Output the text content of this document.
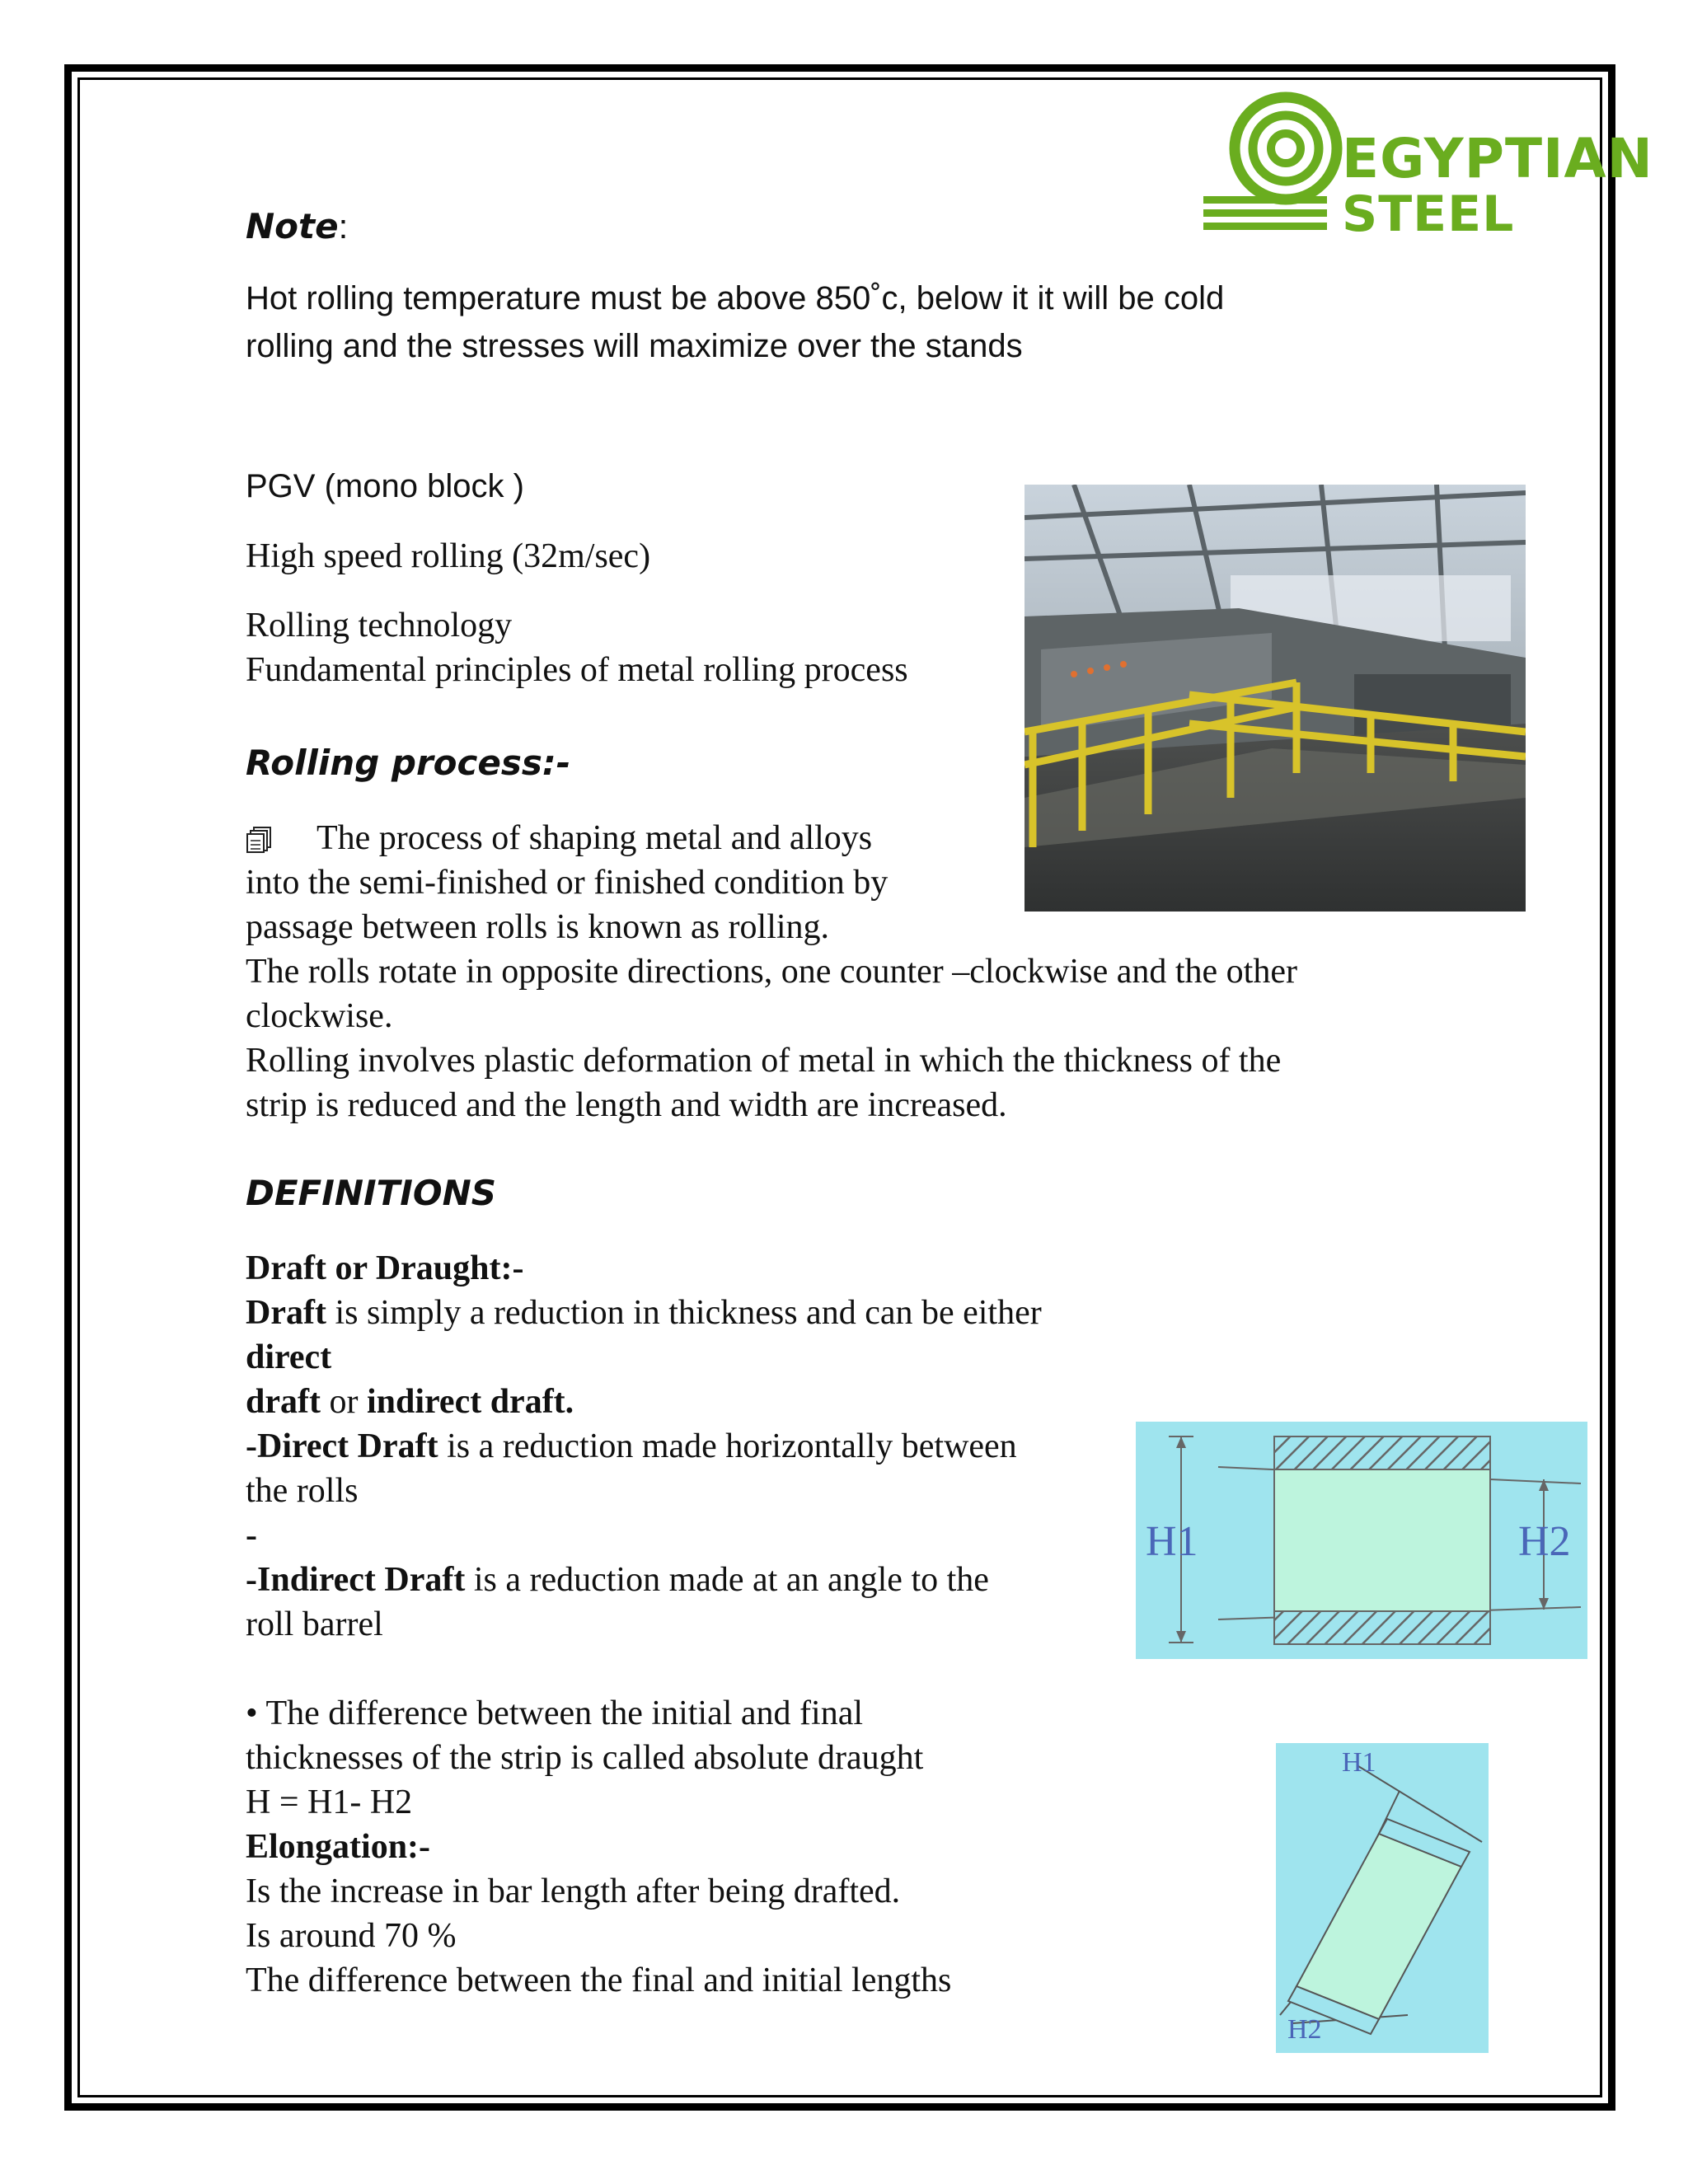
EGYPTIAN
STEEL
Note:
Hot rolling temperature must be above 850˚c, below it it will be cold
rolling and the stresses will maximize over the stands
PGV (mono block )
High speed rolling (32m/sec)
Rolling technology
Fundamental principles of metal rolling process
Rolling process:-
The process of shaping metal and alloys
into the semi-finished or finished condition by
passage between rolls is known as rolling.
The rolls rotate in opposite directions, one counter –clockwise and the other
clockwise.
Rolling involves plastic deformation of metal in which the thickness of the
strip is reduced and the length and width are increased.
DEFINITIONS
Draft or Draught:-
Draft is simply a reduction in thickness and can be either direct
draft or indirect draft.
-Direct Draft is a reduction made horizontally between
the rolls
-
-Indirect Draft is a reduction made at an angle to the
roll barrel
• The difference between the initial and final
thicknesses of the strip is called absolute draught
H = H1- H2
Elongation:-
Is the increase in bar length after being drafted.
Is around 70 %
The difference between the final and initial lengths
H1	H2
H1
H2
